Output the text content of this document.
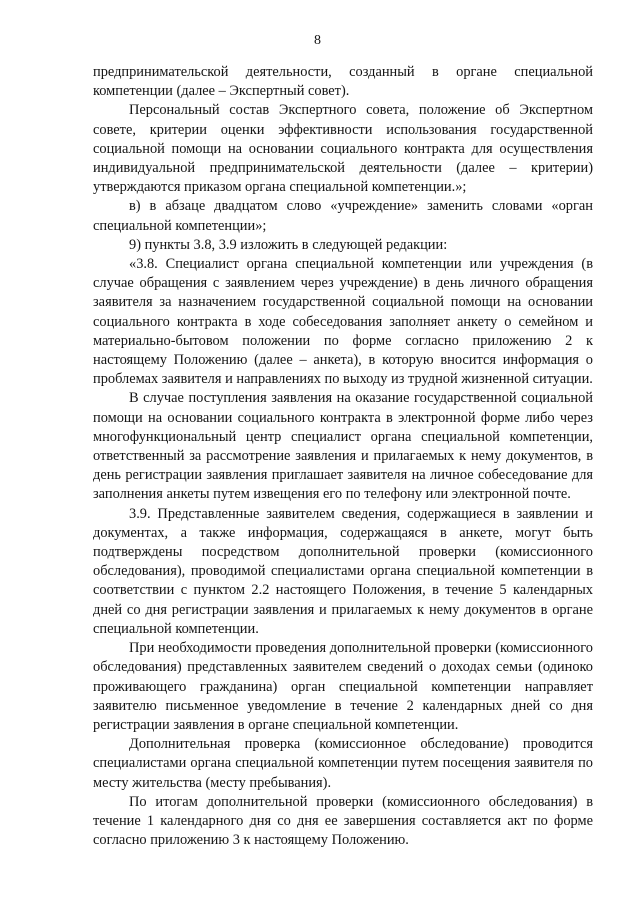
8

предпринимательской деятельности, созданный в органе специальной компетенции (далее – Экспертный совет).

Персональный состав Экспертного совета, положение об Экспертном совете, критерии оценки эффективности использования государственной социальной помощи на основании социального контракта для осуществления индивидуальной предпринимательской деятельности (далее – критерии) утверждаются приказом органа специальной компетенции.»;

в) в абзаце двадцатом слово «учреждение» заменить словами «орган специальной компетенции»;

9) пункты 3.8, 3.9 изложить в следующей редакции:

«3.8. Специалист органа специальной компетенции или учреждения (в случае обращения с заявлением через учреждение) в день личного обращения заявителя за назначением государственной социальной помощи на основании социального контракта в ходе собеседования заполняет анкету о семейном и материально-бытовом положении по форме согласно приложению 2 к настоящему Положению (далее – анкета), в которую вносится информация о проблемах заявителя и направлениях по выходу из трудной жизненной ситуации.

В случае поступления заявления на оказание государственной социальной помощи на основании социального контракта в электронной форме либо через многофункциональный центр специалист органа специальной компетенции, ответственный за рассмотрение заявления и прилагаемых к нему документов, в день регистрации заявления приглашает заявителя на личное собеседование для заполнения анкеты путем извещения его по телефону или электронной почте.

3.9. Представленные заявителем сведения, содержащиеся в заявлении и документах, а также информация, содержащаяся в анкете, могут быть подтверждены посредством дополнительной проверки (комиссионного обследования), проводимой специалистами органа специальной компетенции в соответствии с пунктом 2.2 настоящего Положения, в течение 5 календарных дней со дня регистрации заявления и прилагаемых к нему документов в органе специальной компетенции.

При необходимости проведения дополнительной проверки (комиссионного обследования) представленных заявителем сведений о доходах семьи (одиноко проживающего гражданина) орган специальной компетенции направляет заявителю письменное уведомление в течение 2 календарных дней со дня регистрации заявления в органе специальной компетенции.

Дополнительная проверка (комиссионное обследование) проводится специалистами органа специальной компетенции путем посещения заявителя по месту жительства (месту пребывания).

По итогам дополнительной проверки (комиссионного обследования) в течение 1 календарного дня со дня ее завершения составляется акт по форме согласно приложению 3 к настоящему Положению.
